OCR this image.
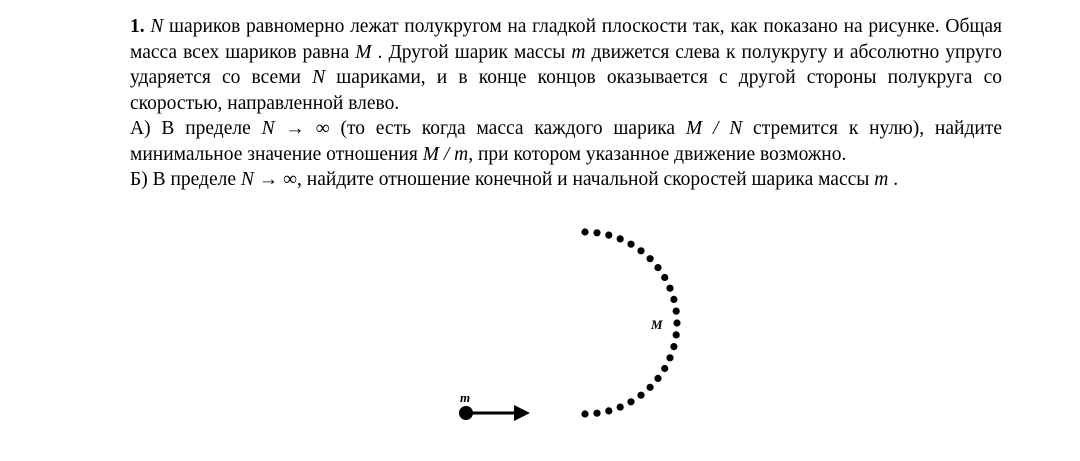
1. N шариков равномерно лежат полукругом на гладкой плоскости так, как показано на рисунке. Общая масса всех шариков равна M . Другой шарик массы m движется слева к полукругу и абсолютно упруго ударяется со всеми N шариками, и в конце концов оказывается с другой стороны полукруга со скоростью, направленной влево.

А) В пределе N → ∞ (то есть когда масса каждого шарика M / N стремится к нулю), найдите минимальное значение отношения M / m, при котором указанное движение возможно.

Б) В пределе N → ∞, найдите отношение конечной и начальной скоростей шарика массы m .

M
m
